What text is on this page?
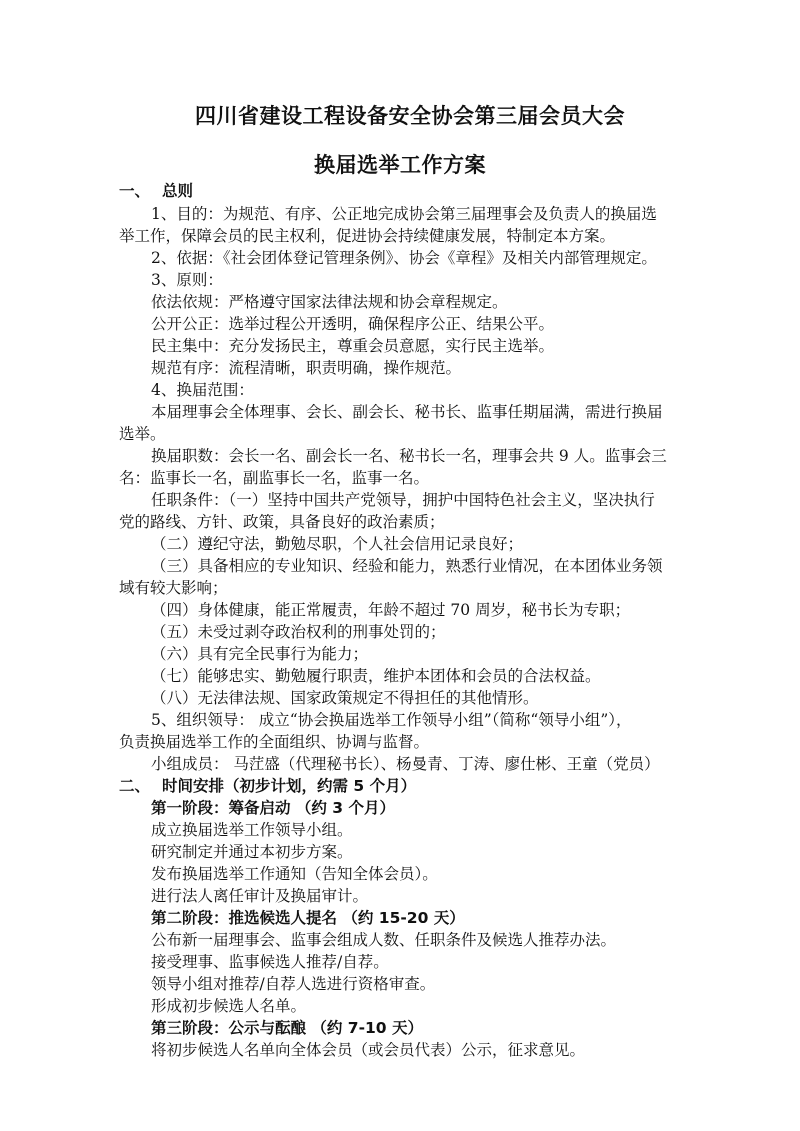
四川省建设工程设备安全协会第三届会员大会
换届选举工作方案
一、 总则
1、目的：为规范、有序、公正地完成协会第三届理事会及负责人的换届选
举工作，保障会员的民主权利，促进协会持续健康发展，特制定本方案。
2、依据：《社会团体登记管理条例》、协会《章程》及相关内部管理规定。
3、原则：
依法依规：严格遵守国家法律法规和协会章程规定。
公开公正：选举过程公开透明，确保程序公正、结果公平。
民主集中：充分发扬民主，尊重会员意愿，实行民主选举。
规范有序：流程清晰，职责明确，操作规范。
4、换届范围：
本届理事会全体理事、会长、副会长、秘书长、监事任期届满，需进行换届
选举。
换届职数：会长一名、副会长一名、秘书长一名，理事会共 9 人。监事会三
名：监事长一名，副监事长一名，监事一名。
任职条件：（一）坚持中国共产党领导，拥护中国特色社会主义，坚决执行
党的路线、方针、政策，具备良好的政治素质；
（二）遵纪守法，勤勉尽职，个人社会信用记录良好；
（三）具备相应的专业知识、经验和能力，熟悉行业情况，在本团体业务领
域有较大影响；
（四）身体健康，能正常履责，年龄不超过 70 周岁，秘书长为专职；
（五）未受过剥夺政治权利的刑事处罚的；
（六）具有完全民事行为能力；
（七）能够忠实、勤勉履行职责，维护本团体和会员的合法权益。
（八）无法律法规、国家政策规定不得担任的其他情形。
5、组织领导： 成立“协会换届选举工作领导小组”（简称“领导小组”），
负责换届选举工作的全面组织、协调与监督。
小组成员： 马茳盛（代理秘书长）、杨曼青、丁涛、廖仕彬、王童（党员）
二、 时间安排（初步计划，约需 5 个月）
第一阶段：筹备启动 （约 3 个月）
成立换届选举工作领导小组。
研究制定并通过本初步方案。
发布换届选举工作通知（告知全体会员）。
进行法人离任审计及换届审计。
第二阶段：推选候选人提名 （约 15-20 天）
公布新一届理事会、监事会组成人数、任职条件及候选人推荐办法。
接受理事、监事候选人推荐/自荐。
领导小组对推荐/自荐人选进行资格审查。
形成初步候选人名单。
第三阶段：公示与酝酿 （约 7-10 天）
将初步候选人名单向全体会员（或会员代表）公示，征求意见。
